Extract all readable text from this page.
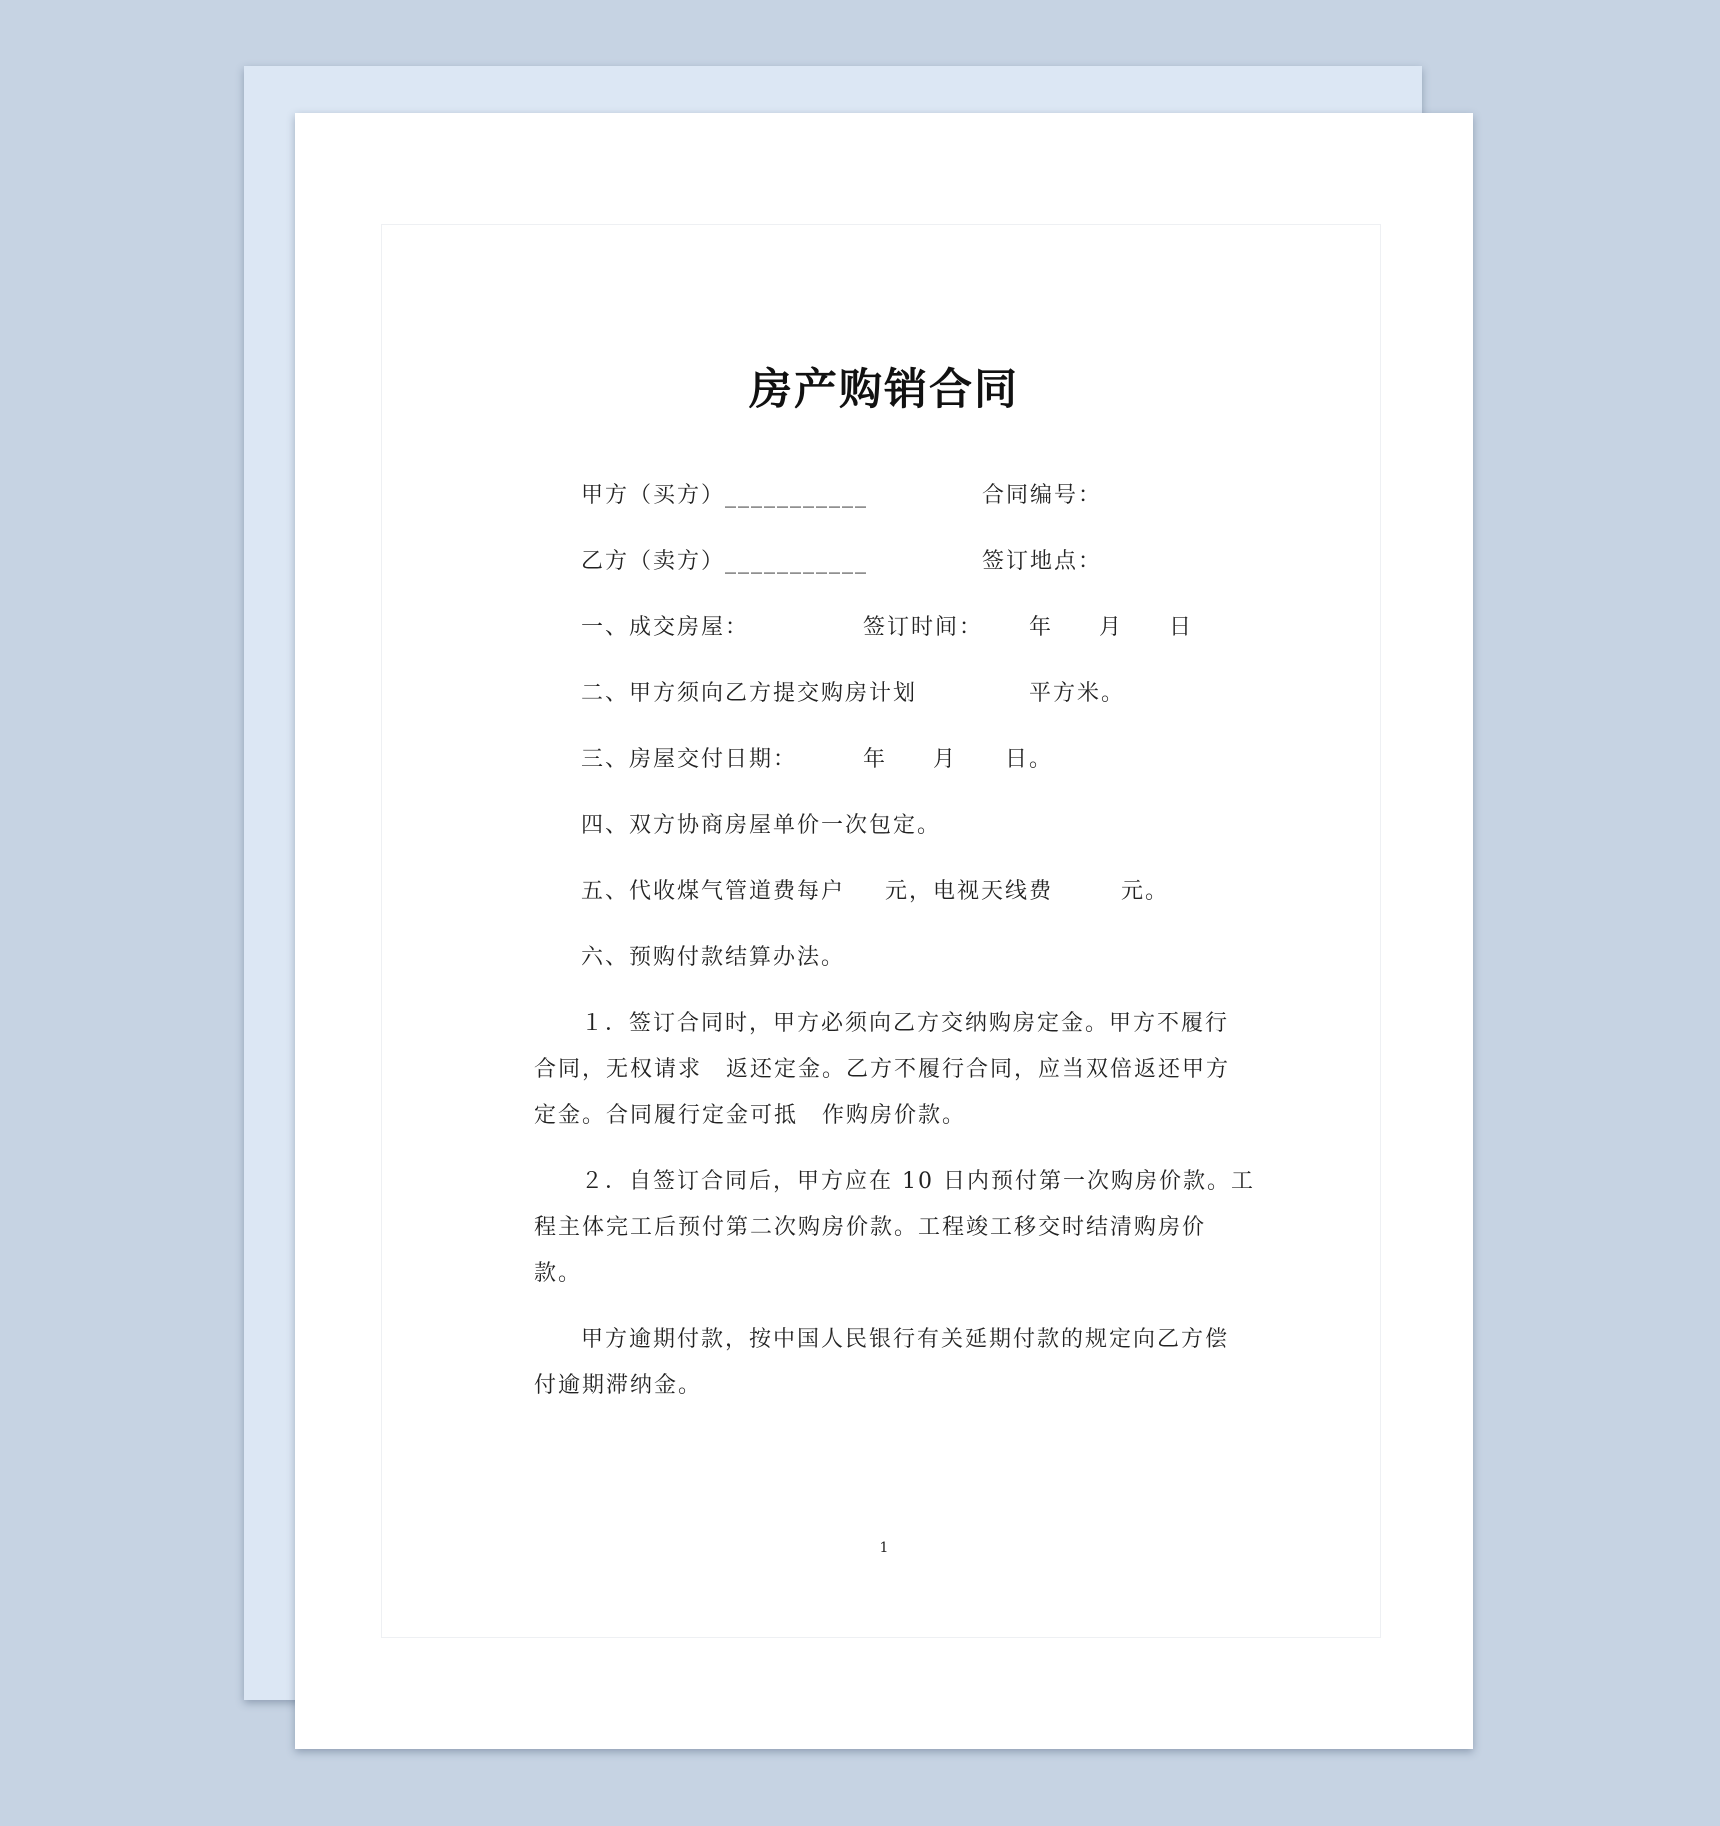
房产购销合同
甲方（买方）___________	合同编号：
乙方（卖方）___________	签订地点：
一、成交房屋：	签订时间： 年 月 日
二、甲方须向乙方提交购房计划	平方米。
三、房屋交付日期：	年 月 日。
四、双方协商房屋单价一次包定。
五、代收煤气管道费每户 元，电视天线费	元。
六、预购付款结算办法。
１．签订合同时，甲方必须向乙方交纳购房定金。甲方不履行
合同，无权请求　返还定金。乙方不履行合同，应当双倍返还甲方
定金。合同履行定金可抵　作购房价款。
２．自签订合同后，甲方应在 10 日内预付第一次购房价款。工
程主体完工后预付第二次购房价款。工程竣工移交时结清购房价
款。
甲方逾期付款，按中国人民银行有关延期付款的规定向乙方偿
付逾期滞纳金。
1
